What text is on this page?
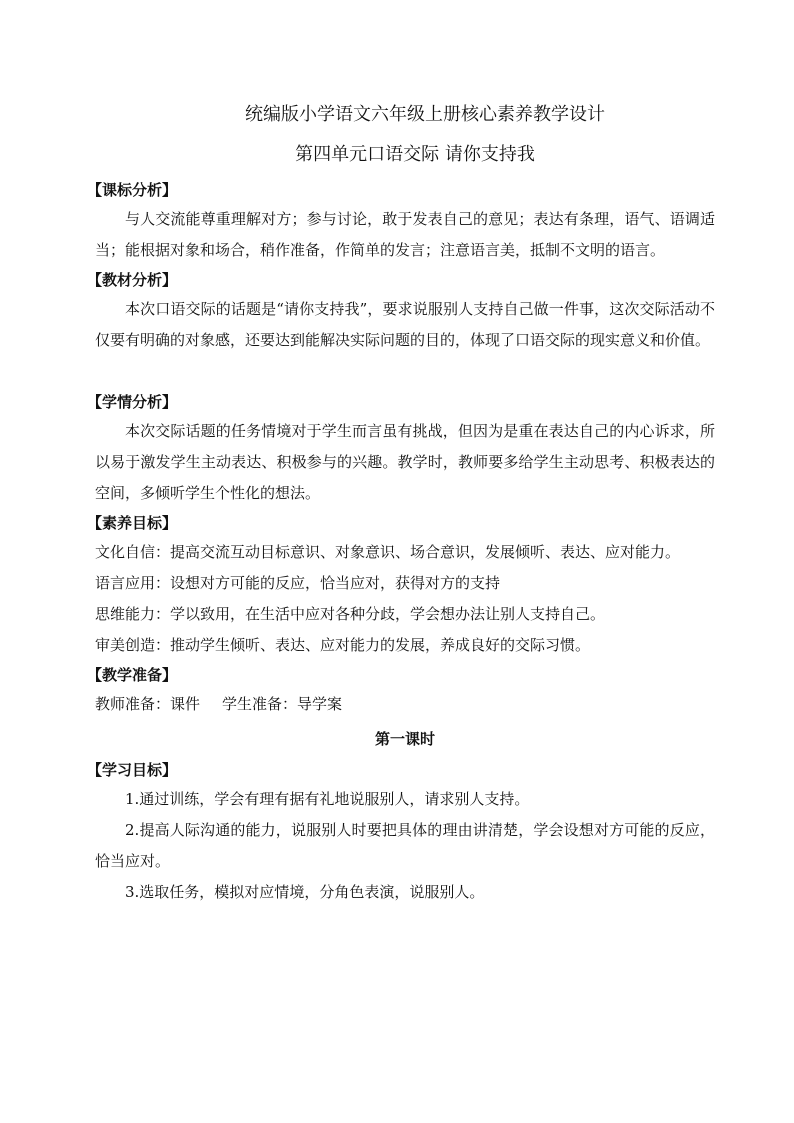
统编版小学语文六年级上册核心素养教学设计

第四单元口语交际 请你支持我

【课标分析】

与人交流能尊重理解对方；参与讨论，敢于发表自己的意见；表达有条理，语气、语调适当；能根据对象和场合，稍作准备，作简单的发言；注意语言美，抵制不文明的语言。

【教材分析】

本次口语交际的话题是“请你支持我”，要求说服别人支持自己做一件事，这次交际活动不仅要有明确的对象感，还要达到能解决实际问题的目的，体现了口语交际的现实意义和价值。

【学情分析】

本次交际话题的任务情境对于学生而言虽有挑战，但因为是重在表达自己的内心诉求，所以易于激发学生主动表达、积极参与的兴趣。教学时，教师要多给学生主动思考、积极表达的空间，多倾听学生个性化的想法。

【素养目标】

文化自信：提高交流互动目标意识、对象意识、场合意识，发展倾听、表达、应对能力。

语言应用：设想对方可能的反应，恰当应对，获得对方的支持

思维能力：学以致用，在生活中应对各种分歧，学会想办法让别人支持自己。

审美创造：推动学生倾听、表达、应对能力的发展，养成良好的交际习惯。

【教学准备】

教师准备：课件 学生准备：导学案

第一课时

【学习目标】

1.通过训练，学会有理有据有礼地说服别人，请求别人支持。

2.提高人际沟通的能力，说服别人时要把具体的理由讲清楚，学会设想对方可能的反应，恰当应对。

3.选取任务，模拟对应情境，分角色表演，说服别人。
